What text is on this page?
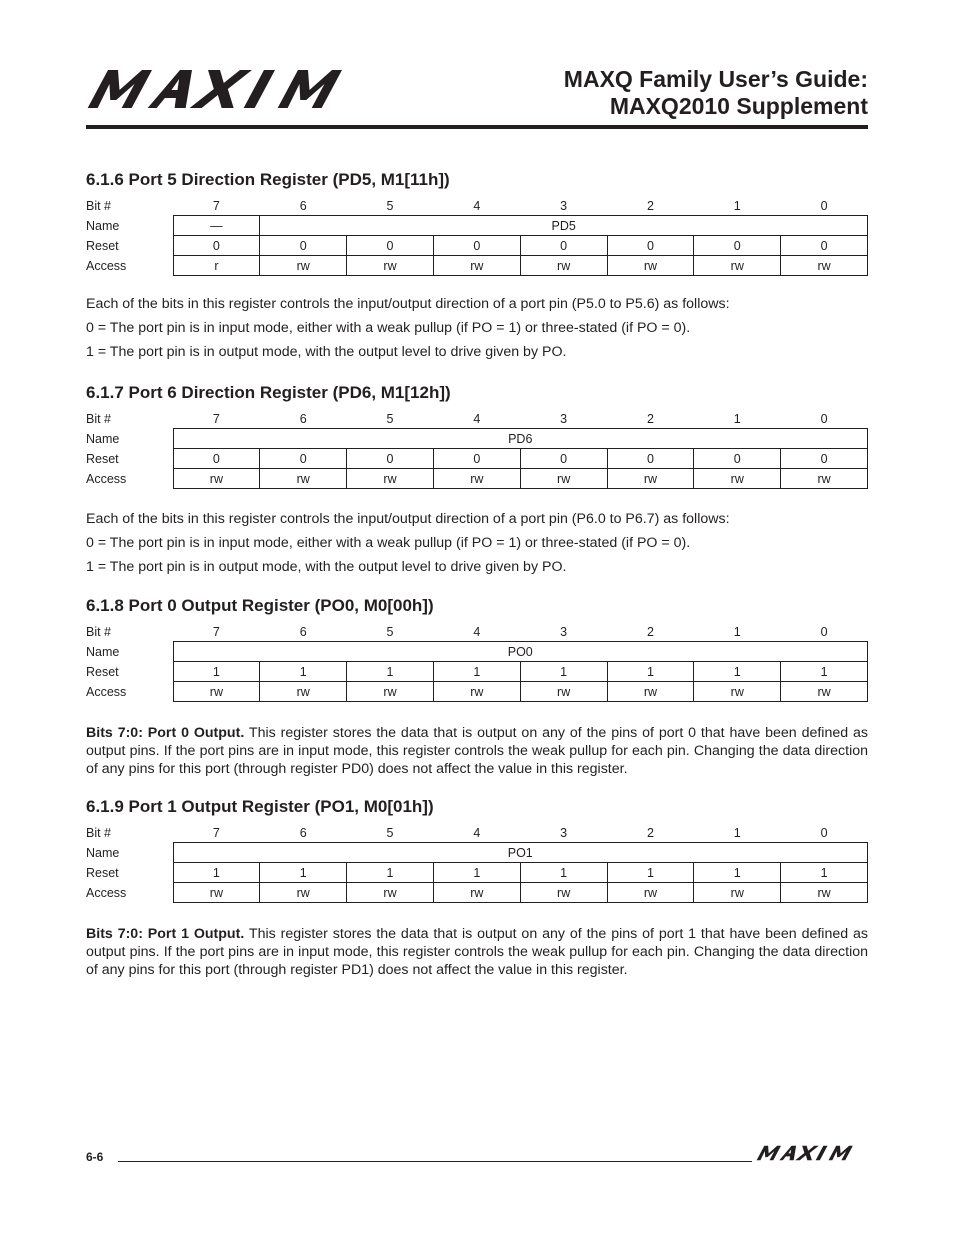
MAXQ Family User’s Guide:
MAXQ2010 Supplement
6.1.6 Port 5 Direction Register (PD5, M1[11h])
Bit #	7	6	5	4	3	2	1	0
Name	—	PD5						
Reset	0	0	0	0	0	0	0	0
Access	r	rw	rw	rw	rw	rw	rw	rw

Each of the bits in this register controls the input/output direction of a port pin (P5.0 to P5.6) as follows:

0 = The port pin is in input mode, either with a weak pullup (if PO = 1) or three-stated (if PO = 0).

1 = The port pin is in output mode, with the output level to drive given by PO.

6.1.7 Port 6 Direction Register (PD6, M1[12h])
Bit #	7	6	5	4	3	2	1	0
Name	PD6							
Reset	0	0	0	0	0	0	0	0
Access	rw	rw	rw	rw	rw	rw	rw	rw

Each of the bits in this register controls the input/output direction of a port pin (P6.0 to P6.7) as follows:

0 = The port pin is in input mode, either with a weak pullup (if PO = 1) or three-stated (if PO = 0).

1 = The port pin is in output mode, with the output level to drive given by PO.

6.1.8 Port 0 Output Register (PO0, M0[00h])
Bit #	7	6	5	4	3	2	1	0
Name	PO0							
Reset	1	1	1	1	1	1	1	1
Access	rw	rw	rw	rw	rw	rw	rw	rw

Bits 7:0: Port 0 Output. This register stores the data that is output on any of the pins of port 0 that have been defined as output pins. If the port pins are in input mode, this register controls the weak pullup for each pin. Changing the data direction of any pins for this port (through register PD0) does not affect the value in this register.

6.1.9 Port 1 Output Register (PO1, M0[01h])
Bit #	7	6	5	4	3	2	1	0
Name	PO1							
Reset	1	1	1	1	1	1	1	1
Access	rw	rw	rw	rw	rw	rw	rw	rw

Bits 7:0: Port 1 Output. This register stores the data that is output on any of the pins of port 1 that have been defined as output pins. If the port pins are in input mode, this register controls the weak pullup for each pin. Changing the data direction of any pins for this port (through register PD1) does not affect the value in this register.

6-6
